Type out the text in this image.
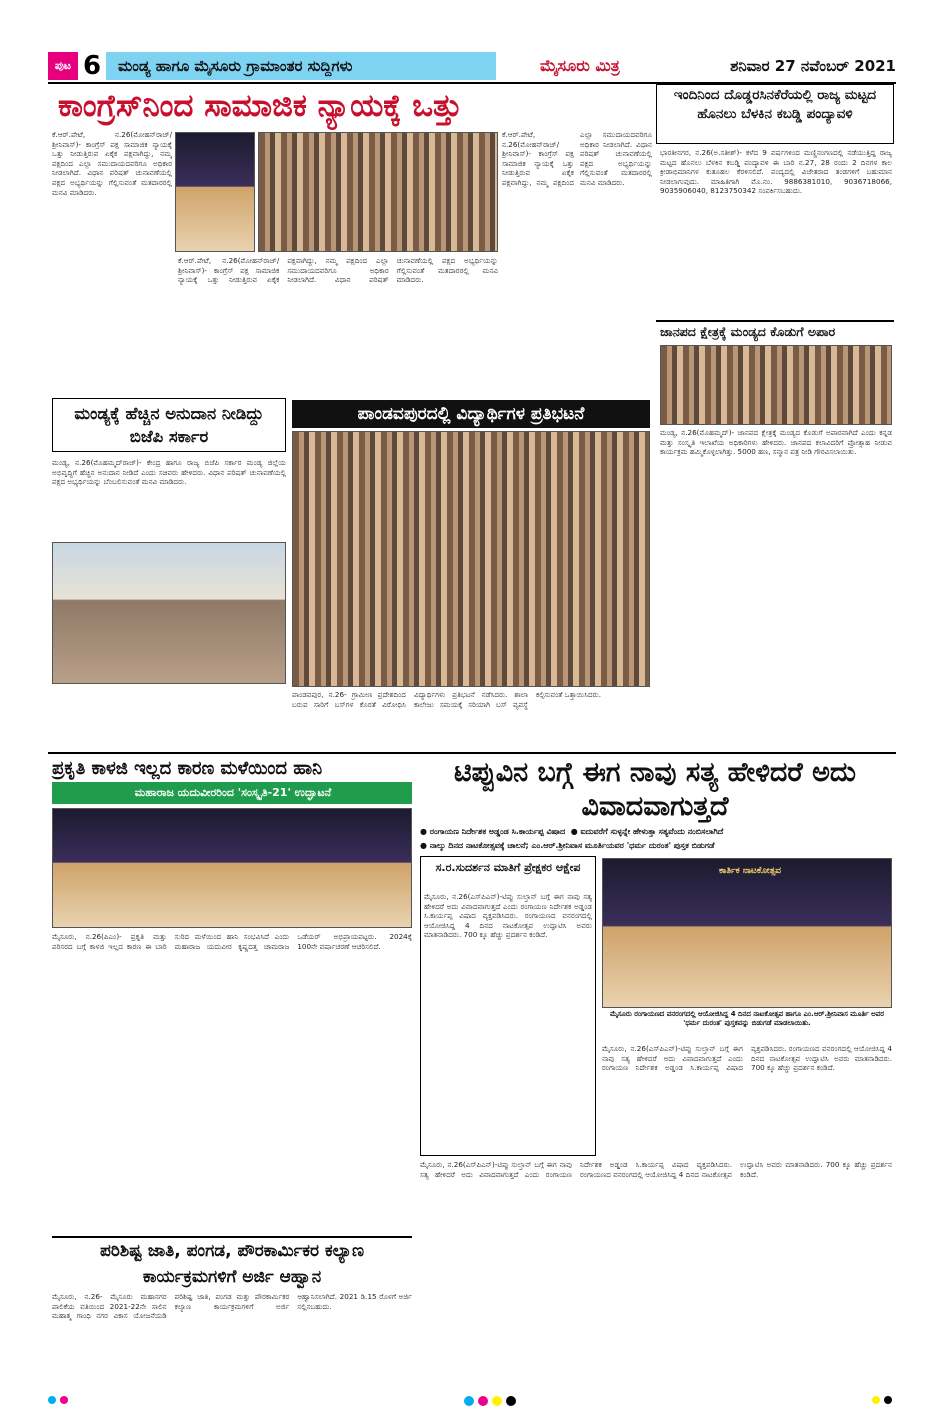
ಪುಟ 6	ಮಂಡ್ಯ ಹಾಗೂ ಮೈಸೂರು ಗ್ರಾಮಾಂತರ ಸುದ್ದಿಗಳು	ಮೈಸೂರು ಮಿತ್ರ	ಶನಿವಾರ 27 ನವೆಂಬರ್ 2021
ಕಾಂಗ್ರೆಸ್‌ನಿಂದ ಸಾಮಾಜಿಕ ನ್ಯಾಯಕ್ಕೆ ಒತ್ತು
ಕೆ.ಆರ್.ಪೇಟೆ, ನ.26(ಮೋಹನ್‌ರಾಜ್/ಶ್ರೀನಿವಾಸ್)- ಕಾಂಗ್ರೆಸ್ ಪಕ್ಷ ಸಾಮಾಜಿಕ ನ್ಯಾಯಕ್ಕೆ ಒತ್ತು ನೀಡುತ್ತಿರುವ ಏಕೈಕ ಪಕ್ಷವಾಗಿದ್ದು, ನಮ್ಮ ಪಕ್ಷದಿಂದ ಎಲ್ಲಾ ಸಮುದಾಯದವರಿಗೂ ಅಧಿಕಾರ ನೀಡಲಾಗಿದೆ. ವಿಧಾನ ಪರಿಷತ್ ಚುನಾವಣೆಯಲ್ಲಿ ಪಕ್ಷದ ಅಭ್ಯರ್ಥಿಯನ್ನು ಗೆಲ್ಲಿಸುವಂತೆ ಮತದಾರರಲ್ಲಿ ಮನವಿ ಮಾಡಿದರು.
ಕೆ.ಆರ್.ಪೇಟೆ, ನ.26(ಮೋಹನ್‌ರಾಜ್/ಶ್ರೀನಿವಾಸ್)- ಕಾಂಗ್ರೆಸ್ ಪಕ್ಷ ಸಾಮಾಜಿಕ ನ್ಯಾಯಕ್ಕೆ ಒತ್ತು ನೀಡುತ್ತಿರುವ ಏಕೈಕ ಪಕ್ಷವಾಗಿದ್ದು, ನಮ್ಮ ಪಕ್ಷದಿಂದ ಎಲ್ಲಾ ಸಮುದಾಯದವರಿಗೂ ಅಧಿಕಾರ ನೀಡಲಾಗಿದೆ. ವಿಧಾನ ಪರಿಷತ್ ಚುನಾವಣೆಯಲ್ಲಿ ಪಕ್ಷದ ಅಭ್ಯರ್ಥಿಯನ್ನು ಗೆಲ್ಲಿಸುವಂತೆ ಮತದಾರರಲ್ಲಿ ಮನವಿ ಮಾಡಿದರು.
ಕೆ.ಆರ್.ಪೇಟೆ, ನ.26(ಮೋಹನ್‌ರಾಜ್/ಶ್ರೀನಿವಾಸ್)- ಕಾಂಗ್ರೆಸ್ ಪಕ್ಷ ಸಾಮಾಜಿಕ ನ್ಯಾಯಕ್ಕೆ ಒತ್ತು ನೀಡುತ್ತಿರುವ ಏಕೈಕ ಪಕ್ಷವಾಗಿದ್ದು, ನಮ್ಮ ಪಕ್ಷದಿಂದ ಎಲ್ಲಾ ಸಮುದಾಯದವರಿಗೂ ಅಧಿಕಾರ ನೀಡಲಾಗಿದೆ. ವಿಧಾನ ಪರಿಷತ್ ಚುನಾವಣೆಯಲ್ಲಿ ಪಕ್ಷದ ಅಭ್ಯರ್ಥಿಯನ್ನು ಗೆಲ್ಲಿಸುವಂತೆ ಮತದಾರರಲ್ಲಿ ಮನವಿ ಮಾಡಿದರು.
ಇಂದಿನಿಂದ ದೊಡ್ಡರಸಿನಕೆರೆಯಲ್ಲಿ ರಾಜ್ಯ ಮಟ್ಟದ ಹೊನಲು ಬೆಳಕಿನ ಕಬಡ್ಡಿ ಪಂದ್ಯಾವಳಿ
ಭಾರತೀನಗರ, ನ.26(ಅ.ಸತೀಶ್)- ಕಳೆದ 9 ವರ್ಷಗಳಿಂದ ಮಣ್ಣಿನಂಗಣದಲ್ಲಿ ನಡೆಯುತ್ತಿದ್ದ ರಾಜ್ಯ ಮಟ್ಟದ ಹೊನಲು ಬೆಳಕಿನ ಕಬಡ್ಡಿ ಪಂದ್ಯಾವಳಿ ಈ ಬಾರಿ ನ.27, 28 ರಂದು 2 ದಿನಗಳ ಕಾಲ ಕ್ರೀಡಾಭಿಮಾನಿಗಳ ಕುತೂಹಲ ಕೆರಳಿಸಲಿದೆ. ಪಂದ್ಯದಲ್ಲಿ ವಿಜೇತರಾದ ತಂಡಗಳಿಗೆ ಬಹುಮಾನ ನೀಡಲಾಗುವುದು. ಮಾಹಿತಿಗಾಗಿ ಮೊ.ನಂ. 9886381010, 9036718066, 9035906040, 8123750342 ಸಂಪರ್ಕಿಸಬಹುದು.
ಜಾನಪದ ಕ್ಷೇತ್ರಕ್ಕೆ ಮಂಡ್ಯದ ಕೊಡುಗೆ ಅಪಾರ
ಮಂಡ್ಯ, ನ.26(ಮೊಹಮ್ಮದ್)- ಜಾನಪದ ಕ್ಷೇತ್ರಕ್ಕೆ ಮಂಡ್ಯದ ಕೊಡುಗೆ ಅಪಾರವಾಗಿದೆ ಎಂದು ಕನ್ನಡ ಮತ್ತು ಸಂಸ್ಕೃತಿ ಇಲಾಖೆಯ ಅಧಿಕಾರಿಗಳು ಹೇಳಿದರು. ಜಾನಪದ ಕಲಾವಿದರಿಗೆ ಪ್ರೋತ್ಸಾಹ ನೀಡುವ ಕಾರ್ಯಕ್ರಮ ಹಮ್ಮಿಕೊಳ್ಳಲಾಗಿತ್ತು. 5000 ಹಣ, ಸನ್ಮಾನ ಪತ್ರ ನೀಡಿ ಗೌರವಿಸಲಾಯಿತು.
ಮಂಡ್ಯಕ್ಕೆ ಹೆಚ್ಚಿನ ಅನುದಾನ ನೀಡಿದ್ದು ಬಿಜೆಪಿ ಸರ್ಕಾರ
ಮಂಡ್ಯ, ನ.26(ಮೊಹಮ್ಮದ್‌ರಾಜ್)- ಕೇಂದ್ರ ಹಾಗೂ ರಾಜ್ಯ ಬಿಜೆಪಿ ಸರ್ಕಾರ ಮಂಡ್ಯ ಜಿಲ್ಲೆಯ ಅಭಿವೃದ್ಧಿಗೆ ಹೆಚ್ಚಿನ ಅನುದಾನ ನೀಡಿದೆ ಎಂದು ಸಚಿವರು ಹೇಳಿದರು. ವಿಧಾನ ಪರಿಷತ್ ಚುನಾವಣೆಯಲ್ಲಿ ಪಕ್ಷದ ಅಭ್ಯರ್ಥಿಯನ್ನು ಬೆಂಬಲಿಸುವಂತೆ ಮನವಿ ಮಾಡಿದರು.
ಪಾಂಡವಪುರದಲ್ಲಿ ವಿದ್ಯಾರ್ಥಿಗಳ ಪ್ರತಿಭಟನೆ
ಪಾಂಡವಪುರ, ನ.26- ಗ್ರಾಮೀಣ ಪ್ರದೇಶದಿಂದ ಬರುವ ಸಾರಿಗೆ ಬಸ್‌ಗಳ ಕೊರತೆ ವಿರೋಧಿಸಿ ವಿದ್ಯಾರ್ಥಿಗಳು ಪ್ರತಿಭಟನೆ ನಡೆಸಿದರು. ಶಾಲಾ ಕಾಲೇಜು ಸಮಯಕ್ಕೆ ಸರಿಯಾಗಿ ಬಸ್ ವ್ಯವಸ್ಥೆ ಕಲ್ಪಿಸುವಂತೆ ಒತ್ತಾಯಿಸಿದರು.
ಪ್ರಕೃತಿ ಕಾಳಜಿ ಇಲ್ಲದ ಕಾರಣ ಮಳೆಯಿಂದ ಹಾನಿ
ಮಹಾರಾಜ ಯದುವೀರರಿಂದ 'ಸಂಸ್ಕೃತಿ-21' ಉದ್ಘಾಟನೆ
ಮೈಸೂರು, ನ.26(ಪಿಎಂ)- ಪ್ರಕೃತಿ ಮತ್ತು ಪರಿಸರದ ಬಗ್ಗೆ ಕಾಳಜಿ ಇಲ್ಲದ ಕಾರಣ ಈ ಬಾರಿ ಸುರಿದ ಮಳೆಯಿಂದ ಹಾನಿ ಸಂಭವಿಸಿದೆ ಎಂದು ಮಹಾರಾಜ ಯದುವೀರ ಕೃಷ್ಣದತ್ತ ಚಾಮರಾಜ ಒಡೆಯರ್ ಅಭಿಪ್ರಾಯಪಟ್ಟರು. 2024ಕ್ಕೆ 100ನೇ ವರ್ಷಾಚರಣೆ ಆಚರಿಸಲಿದೆ.
ಪರಿಶಿಷ್ಟ ಜಾತಿ, ಪಂಗಡ, ಪೌರಕಾರ್ಮಿಕರ ಕಲ್ಯಾಣ ಕಾರ್ಯಕ್ರಮಗಳಿಗೆ ಅರ್ಜಿ ಆಹ್ವಾನ
ಮೈಸೂರು, ನ.26- ಮೈಸೂರು ಮಹಾನಗರ ಪಾಲಿಕೆಯ ವತಿಯಿಂದ 2021-22ನೇ ಸಾಲಿನ ಮಹಾತ್ಮ ಗಾಂಧಿ ನಗರ ವಿಕಾಸ ಯೋಜನೆಯಡಿ ಪರಿಶಿಷ್ಟ ಜಾತಿ, ಪಂಗಡ ಮತ್ತು ಪೌರಕಾರ್ಮಿಕರ ಕಲ್ಯಾಣ ಕಾರ್ಯಕ್ರಮಗಳಿಗೆ ಅರ್ಜಿ ಆಹ್ವಾನಿಸಲಾಗಿದೆ. 2021 ಡಿ.15 ರೊಳಗೆ ಅರ್ಜಿ ಸಲ್ಲಿಸಬಹುದು.
ಟಿಪ್ಪುವಿನ ಬಗ್ಗೆ ಈಗ ನಾವು ಸತ್ಯ ಹೇಳಿದರೆ ಅದು ವಿವಾದವಾಗುತ್ತದೆ
● ರಂಗಾಯಣ ನಿರ್ದೇಶಕ ಅಡ್ಡಂಡ ಸಿ.ಕಾರ್ಯಪ್ಪ ವಿಷಾದ  ● ಐದುವರೆಗೆ ಸುಳ್ಳನ್ನೇ ಹೇಳುತ್ತಾ ಸತ್ಯವೆಂದು ನಂಬಿಸಲಾಗಿದೆ
● ನಾಲ್ಕು ದಿನದ ನಾಟಕೋತ್ಸವಕ್ಕೆ ಚಾಲನೆ; ಎಂ.ಆರ್.ಶ್ರೀನಿವಾಸ ಮೂರ್ತಿಯವರ 'ಧರ್ಮ ದುರಂತ' ಪುಸ್ತಕ ಬಿಡುಗಡೆ
ಸ.ರ.ಸುದರ್ಶನ ಮಾತಿಗೆ ಪ್ರೇಕ್ಷಕರ ಆಕ್ಷೇಪ
ಮೈಸೂರು, ನ.26(ಎಸ್‌ಪಿಎನ್)-ಟಿಪ್ಪು ಸುಲ್ತಾನ್ ಬಗ್ಗೆ ಈಗ ನಾವು ಸತ್ಯ ಹೇಳಿದರೆ ಅದು ವಿವಾದವಾಗುತ್ತದೆ ಎಂದು ರಂಗಾಯಣ ನಿರ್ದೇಶಕ ಅಡ್ಡಂಡ ಸಿ.ಕಾರ್ಯಪ್ಪ ವಿಷಾದ ವ್ಯಕ್ತಪಡಿಸಿದರು. ರಂಗಾಯಣದ ವನರಂಗದಲ್ಲಿ ಆಯೋಜಿಸಿದ್ದ 4 ದಿನದ ನಾಟಕೋತ್ಸವ ಉದ್ಘಾಟಿಸಿ ಅವರು ಮಾತನಾಡಿದರು. 700 ಕ್ಕೂ ಹೆಚ್ಚು ಪ್ರದರ್ಶನ ಕಂಡಿದೆ.
ಕಾರ್ತಿಕ ನಾಟಕೋತ್ಸವ
ಮೈಸೂರು ರಂಗಾಯಣದ ವನರಂಗದಲ್ಲಿ ಆಯೋಜಿಸಿದ್ದ 4 ದಿನದ ನಾಟಕೋತ್ಸವ ಹಾಗೂ ಎಂ.ಆರ್.ಶ್ರೀನಿವಾಸ ಮೂರ್ತಿ ಅವರ 'ಧರ್ಮ ದುರಂತ' ಪುಸ್ತಕವನ್ನು ಬಿಡುಗಡೆ ಮಾಡಲಾಯಿತು.
ಮೈಸೂರು, ನ.26(ಎಸ್‌ಪಿಎನ್)-ಟಿಪ್ಪು ಸುಲ್ತಾನ್ ಬಗ್ಗೆ ಈಗ ನಾವು ಸತ್ಯ ಹೇಳಿದರೆ ಅದು ವಿವಾದವಾಗುತ್ತದೆ ಎಂದು ರಂಗಾಯಣ ನಿರ್ದೇಶಕ ಅಡ್ಡಂಡ ಸಿ.ಕಾರ್ಯಪ್ಪ ವಿಷಾದ ವ್ಯಕ್ತಪಡಿಸಿದರು. ರಂಗಾಯಣದ ವನರಂಗದಲ್ಲಿ ಆಯೋಜಿಸಿದ್ದ 4 ದಿನದ ನಾಟಕೋತ್ಸವ ಉದ್ಘಾಟಿಸಿ ಅವರು ಮಾತನಾಡಿದರು. 700 ಕ್ಕೂ ಹೆಚ್ಚು ಪ್ರದರ್ಶನ ಕಂಡಿದೆ.
ಮೈಸೂರು, ನ.26(ಎಸ್‌ಪಿಎನ್)-ಟಿಪ್ಪು ಸುಲ್ತಾನ್ ಬಗ್ಗೆ ಈಗ ನಾವು ಸತ್ಯ ಹೇಳಿದರೆ ಅದು ವಿವಾದವಾಗುತ್ತದೆ ಎಂದು ರಂಗಾಯಣ ನಿರ್ದೇಶಕ ಅಡ್ಡಂಡ ಸಿ.ಕಾರ್ಯಪ್ಪ ವಿಷಾದ ವ್ಯಕ್ತಪಡಿಸಿದರು. ರಂಗಾಯಣದ ವನರಂಗದಲ್ಲಿ ಆಯೋಜಿಸಿದ್ದ 4 ದಿನದ ನಾಟಕೋತ್ಸವ ಉದ್ಘಾಟಿಸಿ ಅವರು ಮಾತನಾಡಿದರು. 700 ಕ್ಕೂ ಹೆಚ್ಚು ಪ್ರದರ್ಶನ ಕಂಡಿದೆ.
